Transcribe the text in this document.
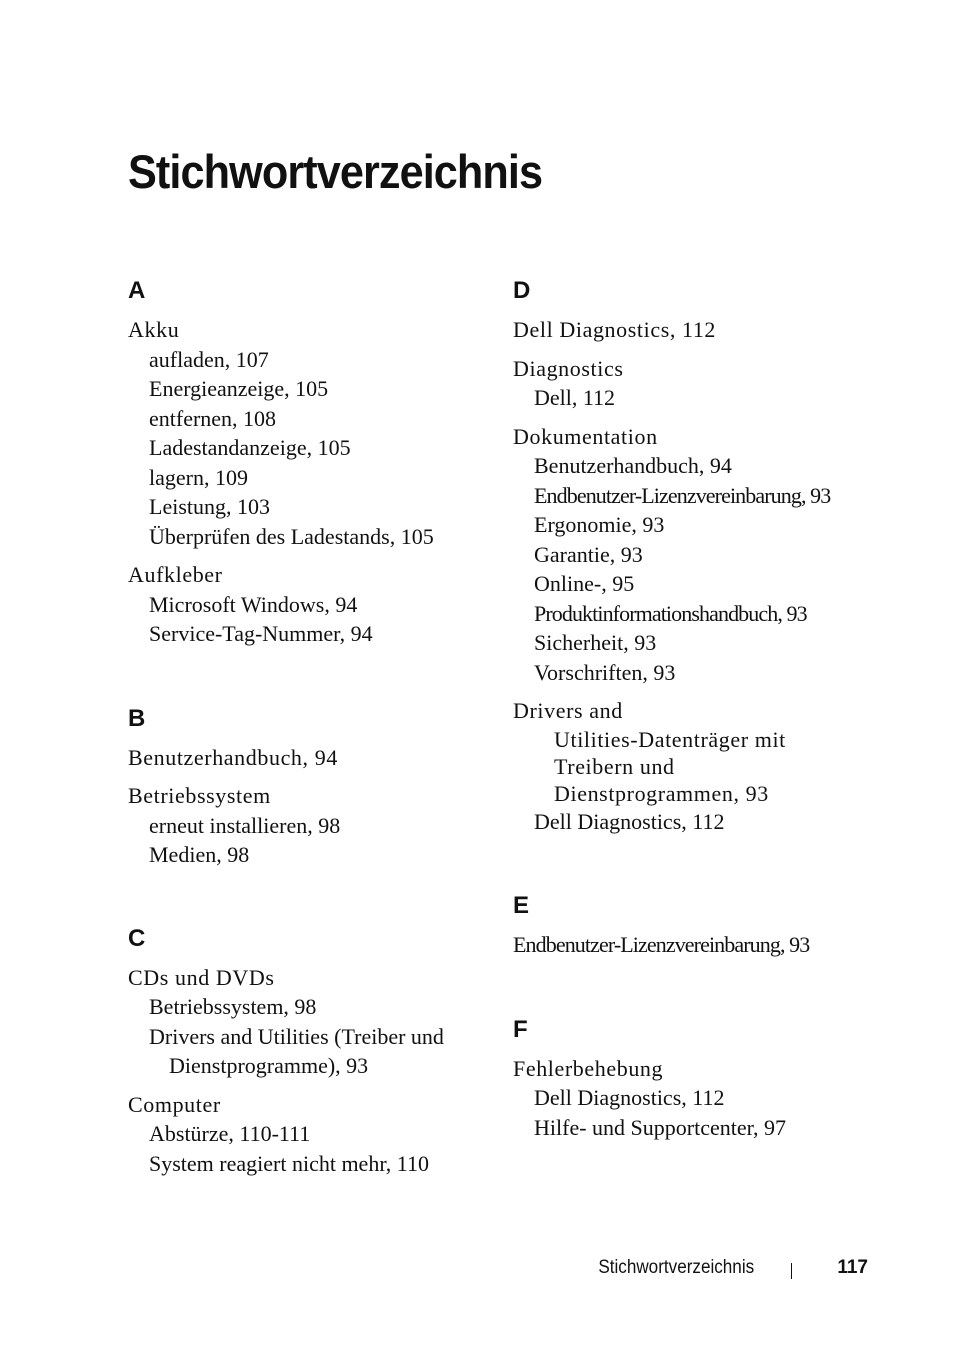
Stichwortverzeichnis
A
Akku
aufladen, 107
Energieanzeige, 105
entfernen, 108
Ladestandanzeige, 105
lagern, 109
Leistung, 103
Überprüfen des Ladestands, 105
Aufkleber
Microsoft Windows, 94
Service-Tag-Nummer, 94
B
Benutzerhandbuch, 94
Betriebssystem
erneut installieren, 98
Medien, 98
C
CDs und DVDs
Betriebssystem, 98
Drivers and Utilities (Treiber und
Dienstprogramme), 93
Computer
Abstürze, 110-111
System reagiert nicht mehr, 110
D
Dell Diagnostics, 112
Diagnostics
Dell, 112
Dokumentation
Benutzerhandbuch, 94
Endbenutzer-Lizenzvereinbarung, 93
Ergonomie, 93
Garantie, 93
Online-, 95
Produktinformationshandbuch, 93
Sicherheit, 93
Vorschriften, 93
Drivers and
Utilities-Datenträger mit
Treibern und
Dienstprogrammen, 93
Dell Diagnostics, 112
E
Endbenutzer-Lizenzvereinbarung, 93
F
Fehlerbehebung
Dell Diagnostics, 112
Hilfe- und Supportcenter, 97
Stichwortverzeichnis	117
